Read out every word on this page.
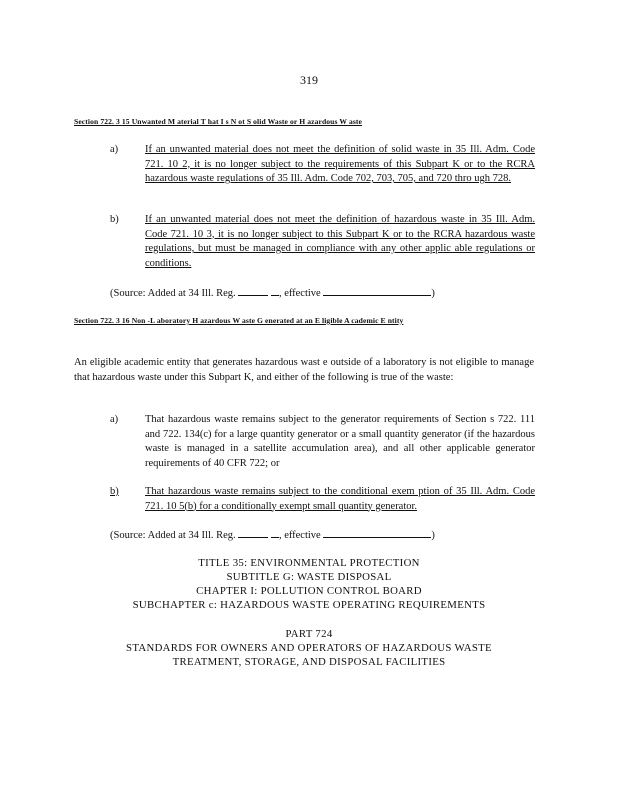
319
Section 722. 3 15 Unwanted M aterial T hat I s N ot S olid Waste or H azardous W aste
a)	If an unwanted material does not meet the definition of solid waste in 35 Ill. Adm. Code 721. 10 2, it is no longer subject to the requirements of this Subpart K or to the RCRA hazardous waste regulations of 35 Ill. Adm. Code 702, 703, 705, and 720 thro ugh 728.
b)	If an unwanted material does not meet the definition of hazardous waste in 35 Ill. Adm. Code 721. 10 3, it is no longer subject to this Subpart K or to the RCRA hazardous waste regulations, but must be managed in compliance with any other applic able regulations or conditions.
(Source: Added at 34 Ill. Reg.	, effective	)
Section 722. 3 16 Non -L aboratory H azardous W aste G enerated at an E ligible A cademic E ntity
An eligible academic entity that generates hazardous wast e outside of a laboratory is not eligible to manage that hazardous waste under this Subpart K, and either of the following is true of the waste:
a)	That hazardous waste remains subject to the generator requirements of Section s 722. 111 and 722. 134(c) for a large quantity generator or a small quantity generator (if the hazardous waste is managed in a satellite accumulation area), and all other applicable generator requirements of 40 CFR 722; or
b)	That hazardous waste remains subject to the conditional exem ption of 35 Ill. Adm. Code 721. 10 5(b) for a conditionally exempt small quantity generator.
(Source: Added at 34 Ill. Reg.	, effective	)
TITLE 35: ENVIRONMENTAL PROTECTION
SUBTITLE G: WASTE DISPOSAL
CHAPTER I: POLLUTION CONTROL BOARD
SUBCHAPTER c: HAZARDOUS WASTE OPERATING REQUIREMENTS
PART 724
STANDARDS FOR OWNERS AND OPERATORS OF HAZARDOUS WASTE
TREATMENT, STORAGE, AND DISPOSAL FACILITIES
